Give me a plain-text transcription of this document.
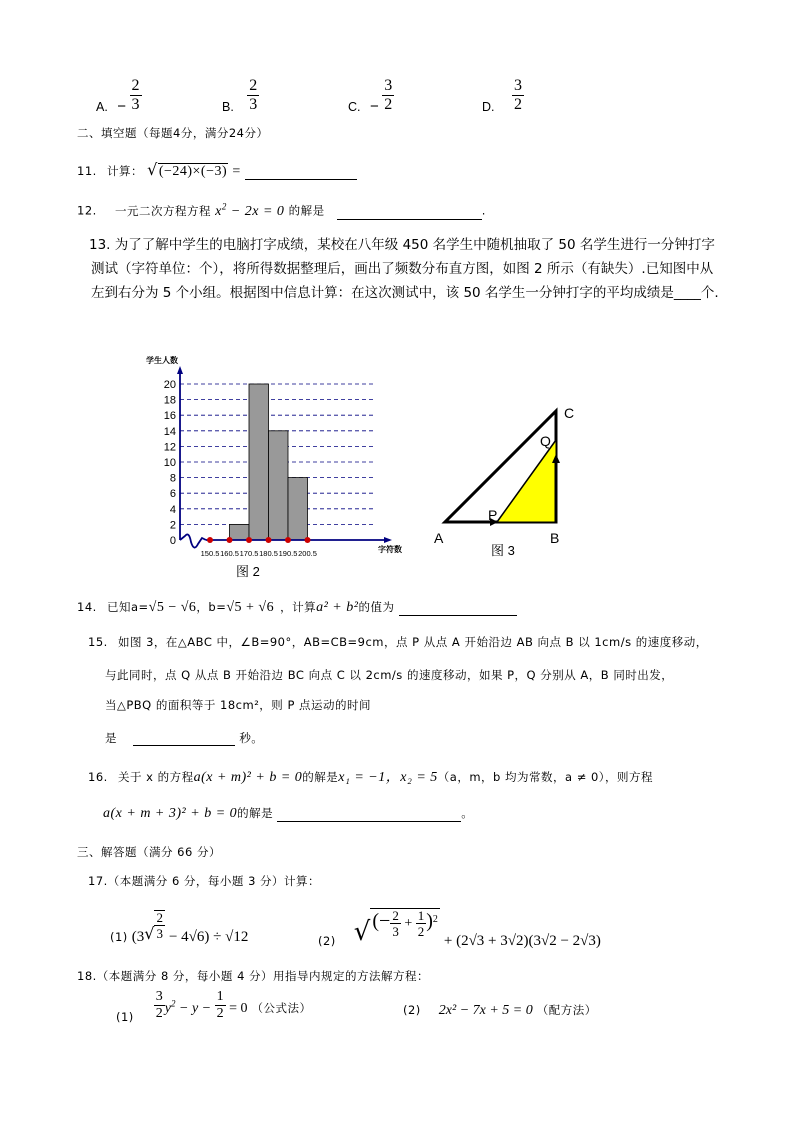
A. − $\frac{2}{3}$	B. $\frac{2}{3}$	C. − $\frac{3}{2}$	D. $\frac{3}{2}$
二、填空题（每题4分，满分24分）
11. 计算： √(−24)×(−3) =
12. 一元二次方程方程 $x^2 - 2x = 0$ 的解是	.
13. 为了了解中学生的电脑打字成绩，某校在八年级 450 名学生中随机抽取了 50 名学生进行一分钟打字测试（字符单位：个），将所得数据整理后，画出了频数分布直方图，如图 2 所示（有缺失）.已知图中从左到右分为 5 个小组。根据图中信息计算：在这次测试中，该 50 名学生一分钟打字的平均成绩是____个.
学生人数
0
2
4
6
8
10
12
14
16
18
20
150.5 160.5 170.5 180.5 190.5 200.5	字符数
图 2
A	B
C
P
Q
图 3
14. 已知a=√5 − √6，b=√5 + √6 ，计算a² + b²的值为
15. 如图 3，在△ABC 中，∠B=90°，AB=CB=9cm，点 P 从点 A 开始沿边 AB 向点 B 以 1cm/s 的速度移动，
与此同时，点 Q 从点 B 开始沿边 BC 向点 C 以 2cm/s 的速度移动，如果 P，Q 分别从 A，B 同时出发，
当△PBQ 的面积等于 18cm²，则 P 点运动的时间
是	秒。
16. 关于 x 的方程a(x + m)² + b = 0的解是x₁ = −1，x₂ = 5（a，m，b 均为常数，a ≠ 0），则方程
a(x + m + 3)² + b = 0的解是	。
三、解答题（满分 66 分）
17.（本题满分 6 分，每小题 3 分）计算：
(1) $(3√ \frac{2}{3} - 4√6) \div √12$	(2) √ (− $\frac{2}{3} + \frac{1}{2} )^2 + (2√3 + 3√2)(3√2 - 2√3)$
18.（本题满分 8 分，每小题 4 分）用指导内规定的方法解方程：
$(1) \frac{3}{2} y^2 - y - \frac{1}{2} = 0$ （公式法）	(2) 2x² − 7x + 5 = 0 （配方法）
